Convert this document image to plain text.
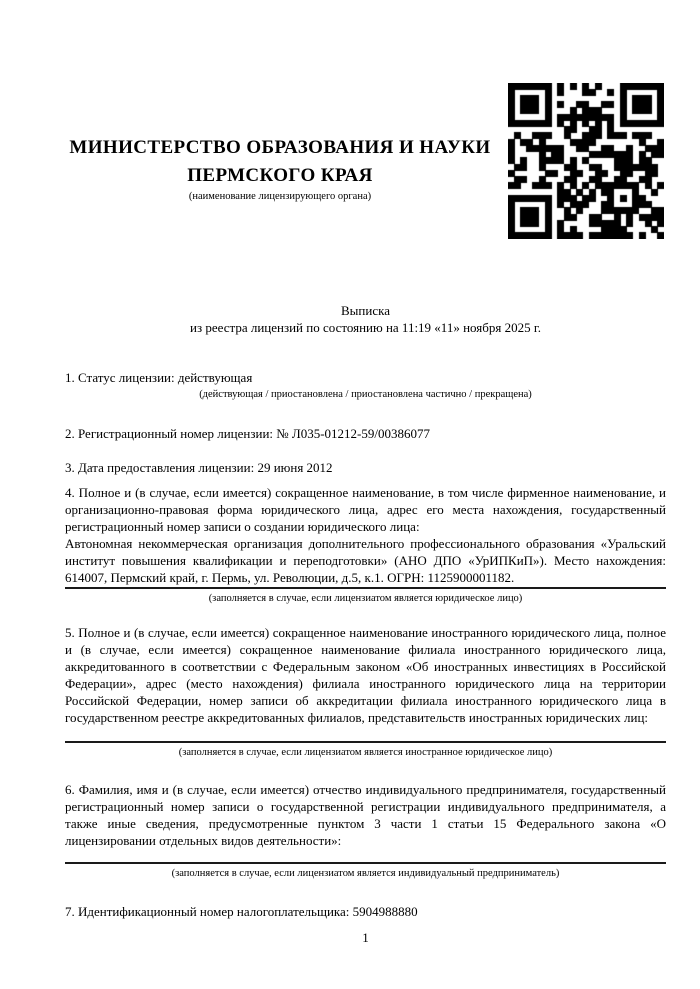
МИНИСТЕРСТВО ОБРАЗОВАНИЯ И НАУКИ
ПЕРМСКОГО КРАЯ
(наименование лицензирующего органа)
Выписка
из реестра лицензий по состоянию на 11:19 «11» ноября 2025 г.

1. Статус лицензии: действующая

(действующая / приостановлена / приостановлена частично / прекращена)

2. Регистрационный номер лицензии: № Л035-01212-59/00386077

3. Дата предоставления лицензии: 29 июня 2012

4. Полное и (в случае, если имеется) сокращенное наименование, в том числе фирменное наименование, и организационно-правовая форма юридического лица, адрес его места нахождения, государственный регистрационный номер записи о создании юридического лица:
Автономная некоммерческая организация дополнительного профессионального образования «Уральский институт повышения квалификации и переподготовки» (АНО ДПО «УрИПКиП»). Место нахождения: 614007, Пермский край, г. Пермь, ул. Революции, д.5, к.1. ОГРН: 1125900001182.

(заполняется в случае, если лицензиатом является юридическое лицо)

5. Полное и (в случае, если имеется) сокращенное наименование иностранного юридического лица, полное и (в случае, если имеется) сокращенное наименование филиала иностранного юридического лица, аккредитованного в соответствии с Федеральным законом «Об иностранных инвестициях в Российской Федерации», адрес (место нахождения) филиала иностранного юридического лица на территории Российской Федерации, номер записи об аккредитации филиала иностранного юридического лица в государственном реестре аккредитованных филиалов, представительств иностранных юридических лиц:

(заполняется в случае, если лицензиатом является иностранное юридическое лицо)

6. Фамилия, имя и (в случае, если имеется) отчество индивидуального предпринимателя, государственный регистрационный номер записи о государственной регистрации индивидуального предпринимателя, а также иные сведения, предусмотренные пунктом 3 части 1 статьи 15 Федерального закона «О лицензировании отдельных видов деятельности»:

(заполняется в случае, если лицензиатом является индивидуальный предприниматель)

7. Идентификационный номер налогоплательщика: 5904988880

1
